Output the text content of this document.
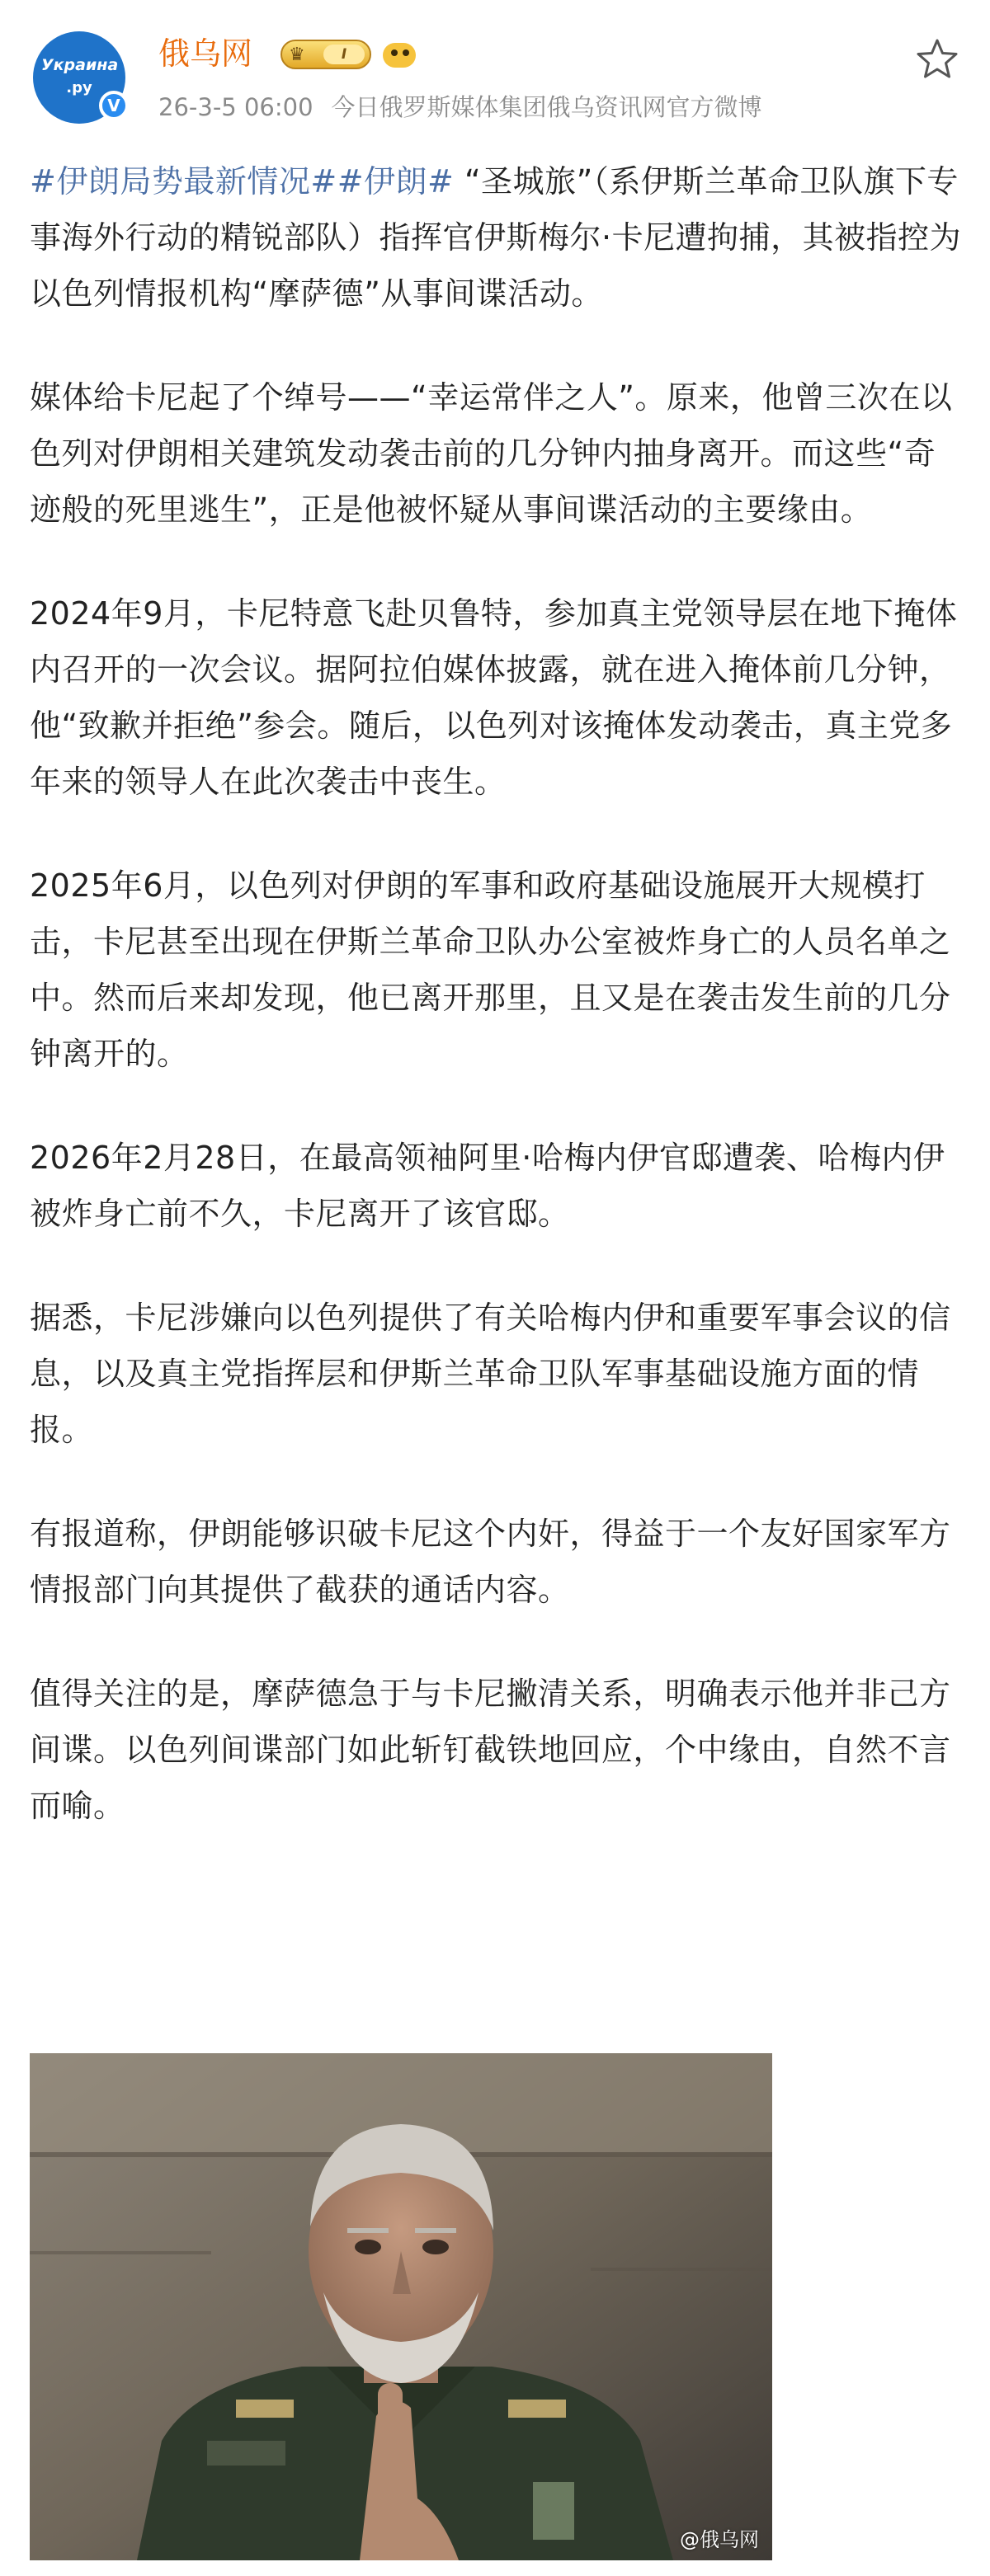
Украина
.ру
V
俄乌网 ♛	Ⅰ
26-3-5 06:00 今日俄罗斯媒体集团俄乌资讯网官方微博

#伊朗局势最新情况##伊朗# “圣城旅”（系伊斯兰革命卫队旗下专事海外行动的精锐部队）指挥官伊斯梅尔·卡尼遭拘捕，其被指控为以色列情报机构“摩萨德”从事间谍活动。

媒体给卡尼起了个绰号——“幸运常伴之人”。原来，他曾三次在以色列对伊朗相关建筑发动袭击前的几分钟内抽身离开。而这些“奇迹般的死里逃生”，正是他被怀疑从事间谍活动的主要缘由。

2024年9月，卡尼特意飞赴贝鲁特，参加真主党领导层在地下掩体内召开的一次会议。据阿拉伯媒体披露，就在进入掩体前几分钟，他“致歉并拒绝”参会。随后，以色列对该掩体发动袭击，真主党多年来的领导人在此次袭击中丧生。

2025年6月，以色列对伊朗的军事和政府基础设施展开大规模打击，卡尼甚至出现在伊斯兰革命卫队办公室被炸身亡的人员名单之中。然而后来却发现，他已离开那里，且又是在袭击发生前的几分钟离开的。

2026年2月28日，在最高领袖阿里·哈梅内伊官邸遭袭、哈梅内伊被炸身亡前不久，卡尼离开了该官邸。

据悉，卡尼涉嫌向以色列提供了有关哈梅内伊和重要军事会议的信息，以及真主党指挥层和伊斯兰革命卫队军事基础设施方面的情报。

有报道称，伊朗能够识破卡尼这个内奸，得益于一个友好国家军方情报部门向其提供了截获的通话内容。

值得关注的是，摩萨德急于与卡尼撇清关系，明确表示他并非己方间谍。以色列间谍部门如此斩钉截铁地回应，个中缘由，自然不言而喻。

@俄乌网
